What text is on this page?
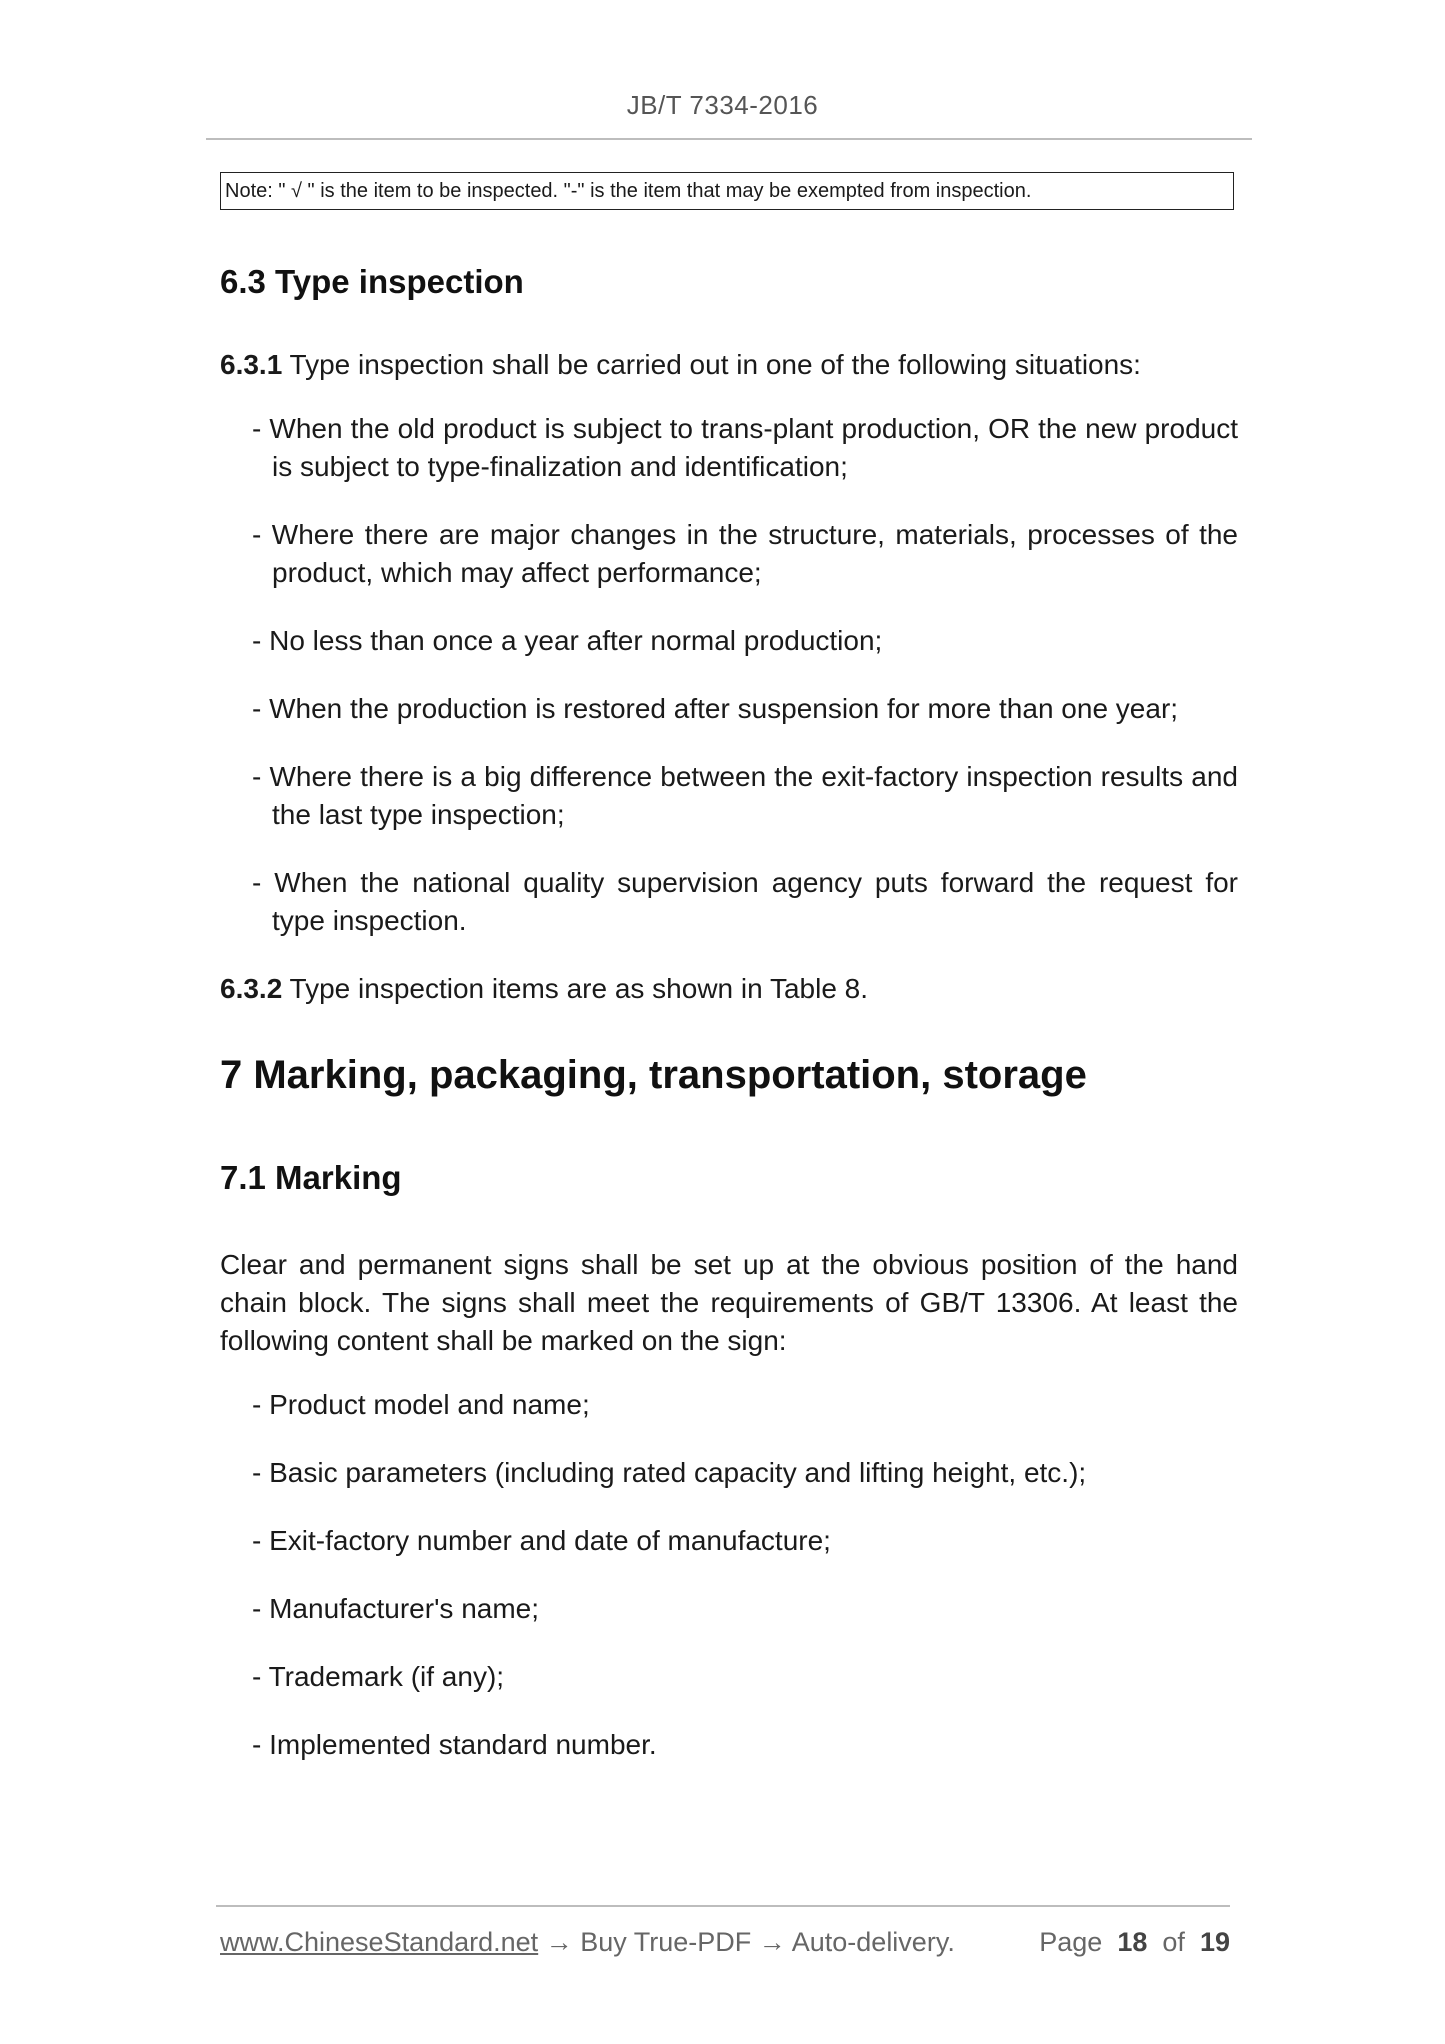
JB/T 7334-2016
Note: " √ " is the item to be inspected. "-" is the item that may be exempted from inspection.
6.3 Type inspection

6.3.1 Type inspection shall be carried out in one of the following situations:

- When the old product is subject to trans-plant production, OR the new product is subject to type-finalization and identification;
- Where there are major changes in the structure, materials, processes of the product, which may affect performance;
- No less than once a year after normal production;
- When the production is restored after suspension for more than one year;
- Where there is a big difference between the exit-factory inspection results and the last type inspection;
- When the national quality supervision agency puts forward the request for type inspection.

6.3.2 Type inspection items are as shown in Table 8.

7 Marking, packaging, transportation, storage
7.1 Marking

Clear and permanent signs shall be set up at the obvious position of the hand chain block. The signs shall meet the requirements of GB/T 13306. At least the following content shall be marked on the sign:

- Product model and name;
- Basic parameters (including rated capacity and lifting height, etc.);
- Exit-factory number and date of manufacture;
- Manufacturer's name;
- Trademark (if any);
- Implemented standard number.
www.ChineseStandard.net → Buy True-PDF → Auto-delivery.	Page 18 of 19
